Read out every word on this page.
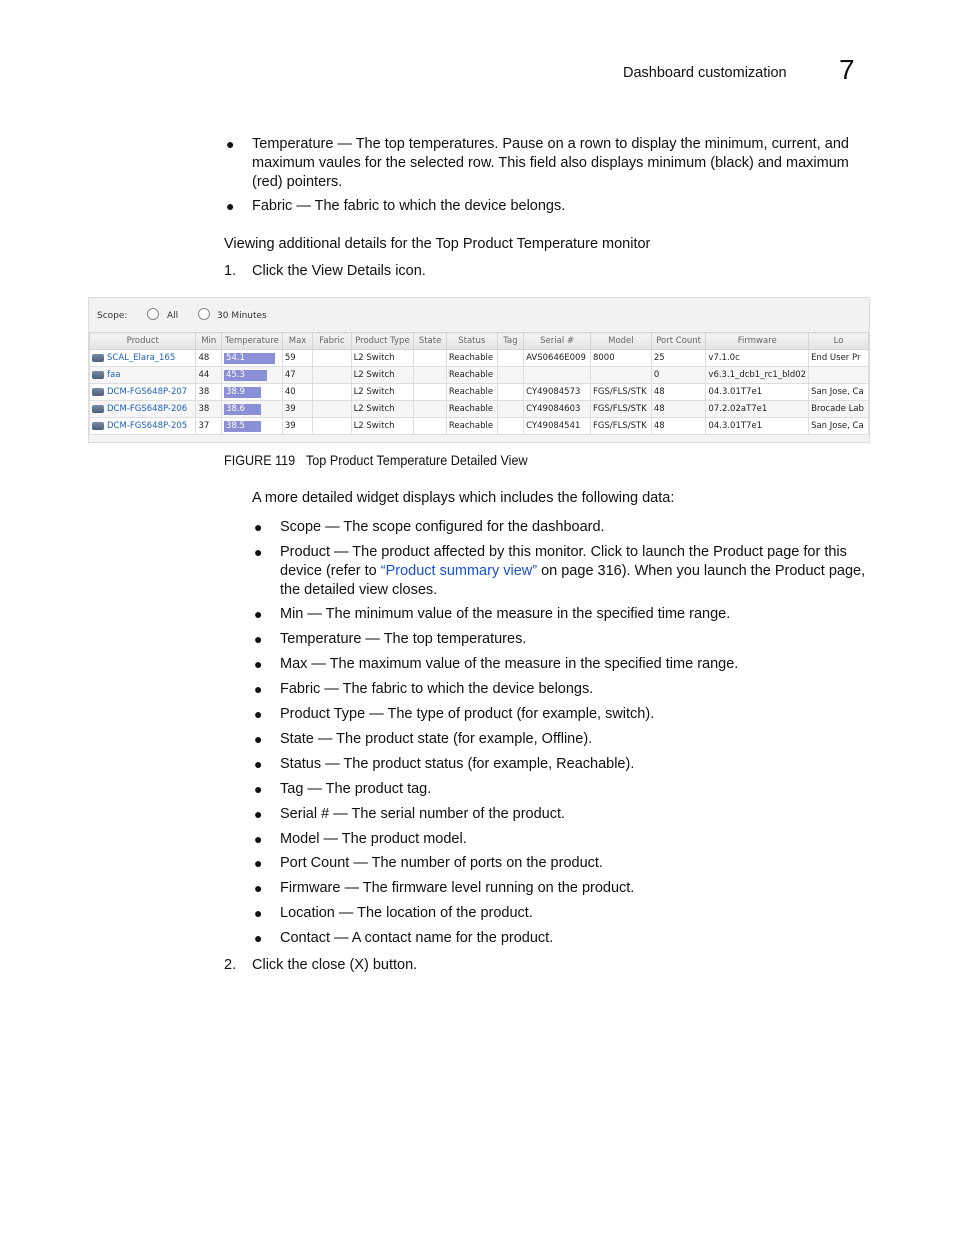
Dashboard customization 7
● Temperature — The top temperatures. Pause on a rown to display the minimum, current, and maximum vaules for the selected row. This field also displays minimum (black) and maximum (red) pointers.
● Fabric — The fabric to which the device belongs.
Viewing additional details for the Top Product Temperature monitor
1. Click the View Details icon.
Scope:	All	30 Minutes
Product	Min	Temperature	Max	Fabric	Product Type	State	Status	Tag	Serial #	Model	Port Count	Firmware	Lo
SCAL_Elara_165	48	54.1	59		L2 Switch		Reachable		AVS0646E009	8000	25	v7.1.0c	End User Pr
faa	44	45.3	47		L2 Switch		Reachable				0	v6.3.1_dcb1_rc1_bld02	
DCM-FGS648P-207	38	38.9	40		L2 Switch		Reachable		CY49084573	FGS/FLS/STK	48	04.3.01T7e1	San Jose, Ca
DCM-FGS648P-206	38	38.6	39		L2 Switch		Reachable		CY49084603	FGS/FLS/STK	48	07.2.02aT7e1	Brocade Lab
DCM-FGS648P-205	37	38.5	39		L2 Switch		Reachable		CY49084541	FGS/FLS/STK	48	04.3.01T7e1	San Jose, Ca
FIGURE 119 Top Product Temperature Detailed View
A more detailed widget displays which includes the following data:
● Scope — The scope configured for the dashboard.
● Product — The product affected by this monitor. Click to launch the Product page for this device (refer to “Product summary view” on page 316). When you launch the Product page, the detailed view closes.
● Min — The minimum value of the measure in the specified time range.
● Temperature — The top temperatures.
● Max — The maximum value of the measure in the specified time range.
● Fabric — The fabric to which the device belongs.
● Product Type — The type of product (for example, switch).
● State — The product state (for example, Offline).
● Status — The product status (for example, Reachable).
● Tag — The product tag.
● Serial # — The serial number of the product.
● Model — The product model.
● Port Count — The number of ports on the product.
● Firmware — The firmware level running on the product.
● Location — The location of the product.
● Contact — A contact name for the product.
2. Click the close (X) button.
